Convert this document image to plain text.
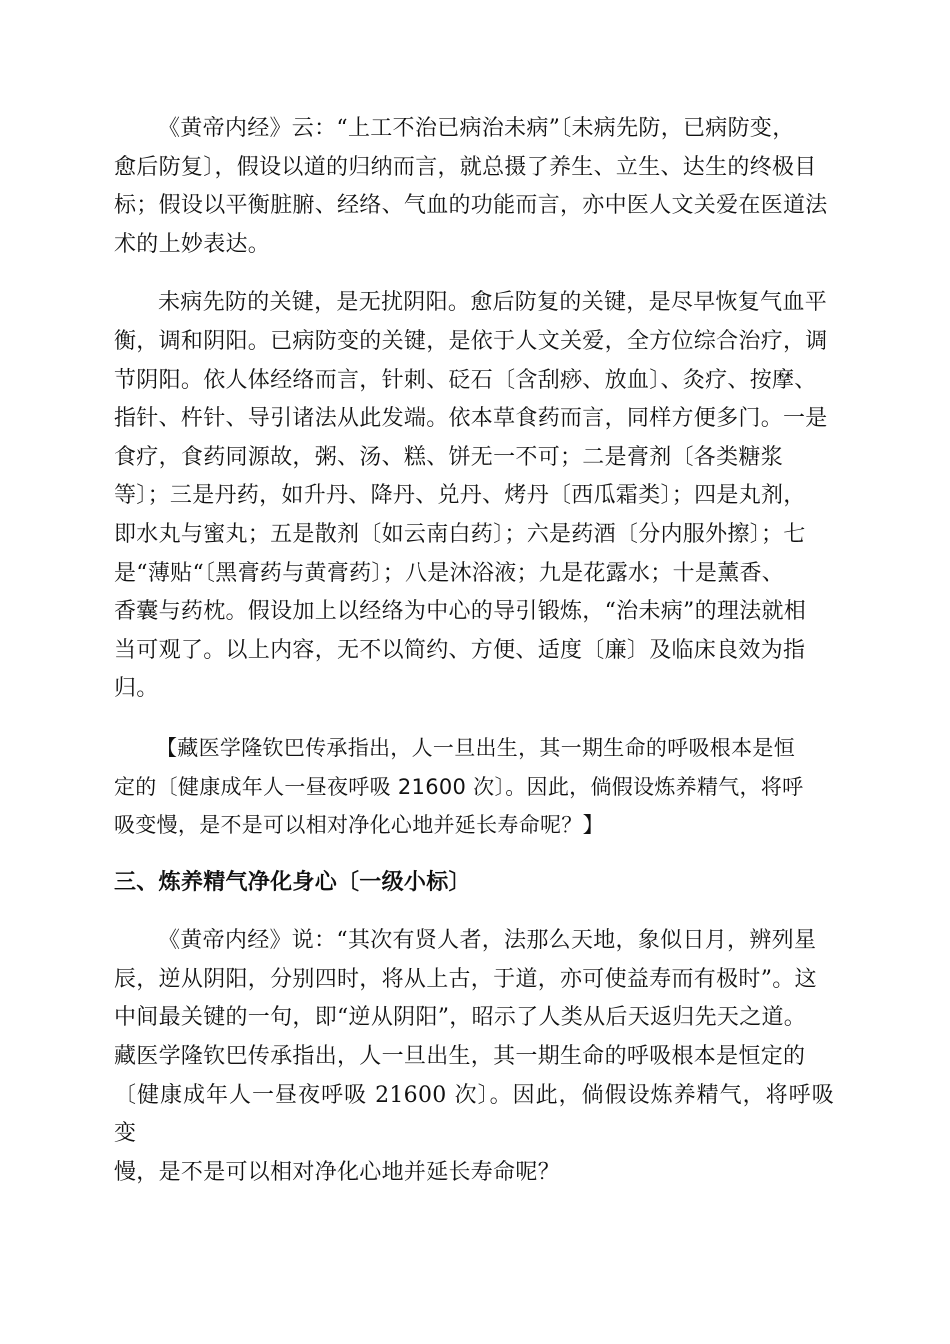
《黄帝内经》云：“上工不治已病治未病”〔未病先防，已病防变，
愈后防复〕，假设以道的归纳而言，就总摄了养生、立生、达生的终极目
标；假设以平衡脏腑、经络、气血的功能而言，亦中医人文关爱在医道法
术的上妙表达。

未病先防的关键，是无扰阴阳。愈后防复的关键，是尽早恢复气血平
衡，调和阴阳。已病防变的关键，是依于人文关爱，全方位综合治疗，调
节阴阳。依人体经络而言，针刺、砭石〔含刮痧、放血〕、灸疗、按摩、
指针、杵针、导引诸法从此发端。依本草食药而言，同样方便多门。一是
食疗，食药同源故，粥、汤、糕、饼无一不可；二是膏剂〔各类糖浆
等〕；三是丹药，如升丹、降丹、兑丹、烤丹〔西瓜霜类〕；四是丸剂，
即水丸与蜜丸；五是散剂〔如云南白药〕；六是药酒〔分内服外擦〕；七
是“薄贴“〔黑膏药与黄膏药〕；八是沐浴液；九是花露水；十是薰香、
香囊与药枕。假设加上以经络为中心的导引锻炼，“治未病”的理法就相
当可观了。以上内容，无不以简约、方便、适度〔廉〕及临床良效为指
归。

【藏医学隆钦巴传承指出，人一旦出生，其一期生命的呼吸根本是恒
定的〔健康成年人一昼夜呼吸 21600 次〕。因此，倘假设炼养精气，将呼
吸变慢，是不是可以相对净化心地并延长寿命呢？】

三、炼养精气净化身心〔一级小标〕

《黄帝内经》说：“其次有贤人者，法那么天地，象似日月，辨列星
辰，逆从阴阳，分别四时，将从上古，于道，亦可使益寿而有极时”。这
中间最关键的一句，即“逆从阴阳”，昭示了人类从后天返归先天之道。
藏医学隆钦巴传承指出，人一旦出生，其一期生命的呼吸根本是恒定的
〔健康成年人一昼夜呼吸 21600 次〕。因此，倘假设炼养精气，将呼吸变
慢，是不是可以相对净化心地并延长寿命呢？
